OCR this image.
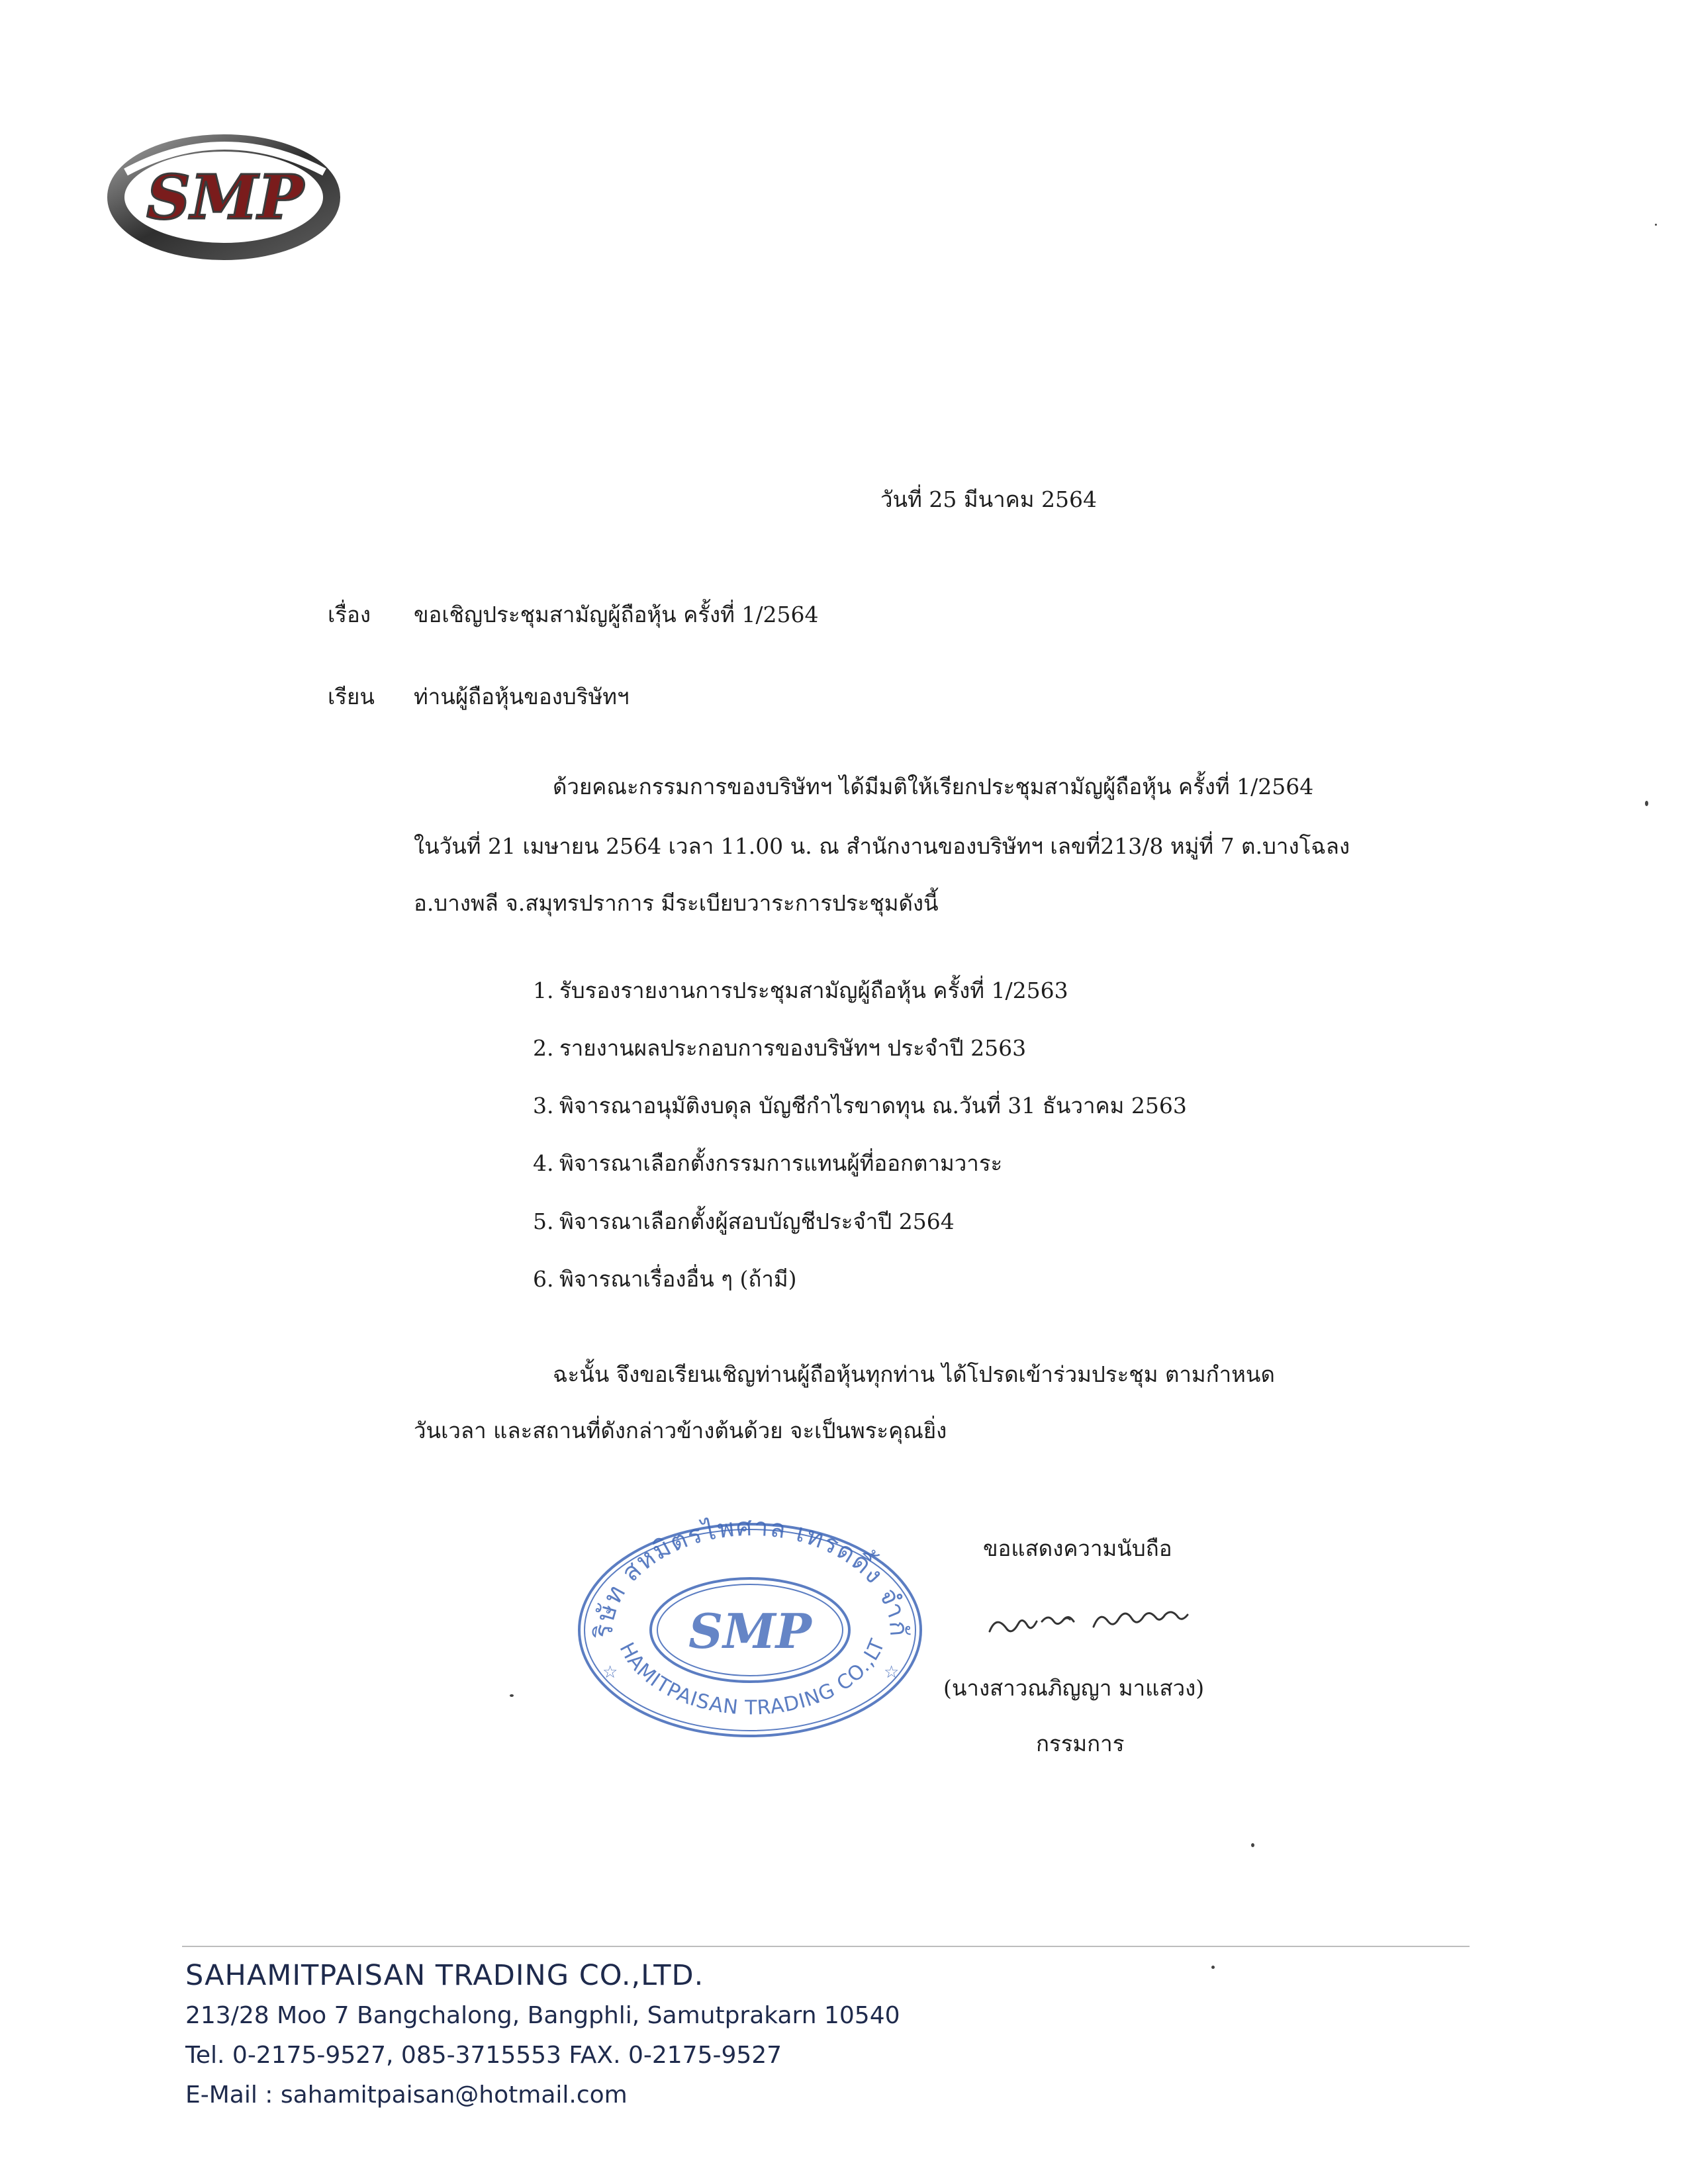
SMP
วันที่ 25 มีนาคม 2564
เรื่อง ขอเชิญประชุมสามัญผู้ถือหุ้น ครั้งที่ 1/2564
เรียน ท่านผู้ถือหุ้นของบริษัทฯ
ด้วยคณะกรรมการของบริษัทฯ ได้มีมติให้เรียกประชุมสามัญผู้ถือหุ้น ครั้งที่ 1/2564
ในวันที่ 21 เมษายน 2564 เวลา 11.00 น. ณ สำนักงานของบริษัทฯ เลขที่213/8 หมู่ที่ 7 ต.บางโฉลง
อ.บางพลี จ.สมุทรปราการ มีระเบียบวาระการประชุมดังนี้
1. รับรองรายงานการประชุมสามัญผู้ถือหุ้น ครั้งที่ 1/2563
2. รายงานผลประกอบการของบริษัทฯ ประจำปี 2563
3. พิจารณาอนุมัติงบดุล บัญชีกำไรขาดทุน ณ.วันที่ 31 ธันวาคม 2563
4. พิจารณาเลือกตั้งกรรมการแทนผู้ที่ออกตามวาระ
5. พิจารณาเลือกตั้งผู้สอบบัญชีประจำปี 2564
6. พิจารณาเรื่องอื่น ๆ (ถ้ามี)
ฉะนั้น จึงขอเรียนเชิญท่านผู้ถือหุ้นทุกท่าน ได้โปรดเข้าร่วมประชุม ตามกำหนด
วันเวลา และสถานที่ดังกล่าวข้างต้นด้วย จะเป็นพระคุณยิ่ง
ริษัท สหมิตรไพศาล เทรดดิ้ง จำกั
HAMITPAISAN TRADING CO.,LT
SMP
☆	☆
ขอแสดงความนับถือ
(นางสาวณภิญญา มาแสวง)
กรรมการ
SAHAMITPAISAN TRADING CO.,LTD.
213/28 Moo 7 Bangchalong, Bangphli, Samutprakarn 10540
Tel. 0-2175-9527, 085-3715553 FAX. 0-2175-9527
E-Mail : sahamitpaisan@hotmail.com
